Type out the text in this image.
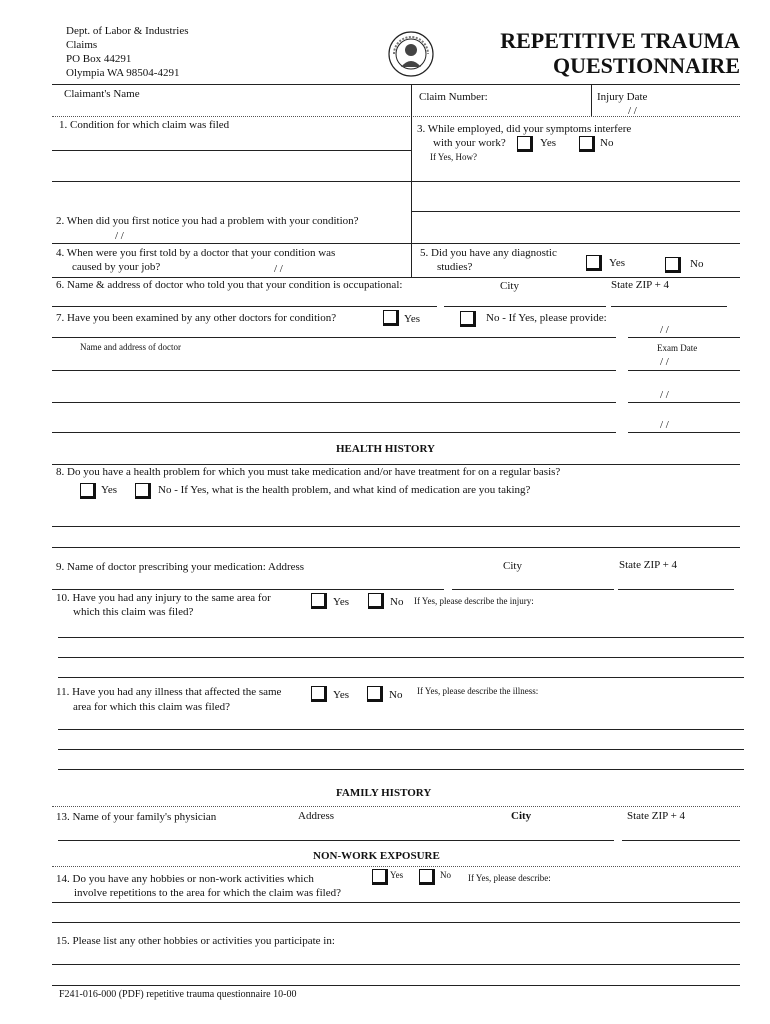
Dept. of Labor & Industries
Claims
PO Box 44291
Olympia WA 98504-4291
REPETITIVE TRAUMA
QUESTIONNAIRE
Claimant's Name	Claim Number:	Injury Date
/ /
1. Condition for which claim was filed	3. While employed, did your symptoms interfere
with your work?	Yes	No
If Yes, How?
2. When did you first notice you had a problem with your condition?
/ /
4. When were you first told by a doctor that your condition was
caused by your job?	/ /
5. Did you have any diagnostic
studies?	Yes	No
6. Name & address of doctor who told you that your condition is occupational:	City	State ZIP + 4
7. Have you been examined by any other doctors for condition?	Yes	No - If Yes, please provide:
/ /
Name and address of doctor	Exam Date
/ /
/ /
/ /
HEALTH HISTORY
8. Do you have a health problem for which you must take medication and/or have treatment for on a regular basis?
Yes	No - If Yes, what is the health problem, and what kind of medication are you taking?
9. Name of doctor prescribing your medication: Address	City	State ZIP + 4
10. Have you had any injury to the same area for
which this claim was filed?
Yes	No If Yes, please describe the injury:
11. Have you had any illness that affected the same
area for which this claim was filed?
Yes	No If Yes, please describe the illness:
FAMILY HISTORY
13. Name of your family's physician	Address	City	State ZIP + 4
NON-WORK EXPOSURE
14. Do you have any hobbies or non-work activities which
involve repetitions to the area for which the claim was filed?
Yes	No If Yes, please describe:
15. Please list any other hobbies or activities you participate in:
F241-016-000 (PDF) repetitive trauma questionnaire 10-00
